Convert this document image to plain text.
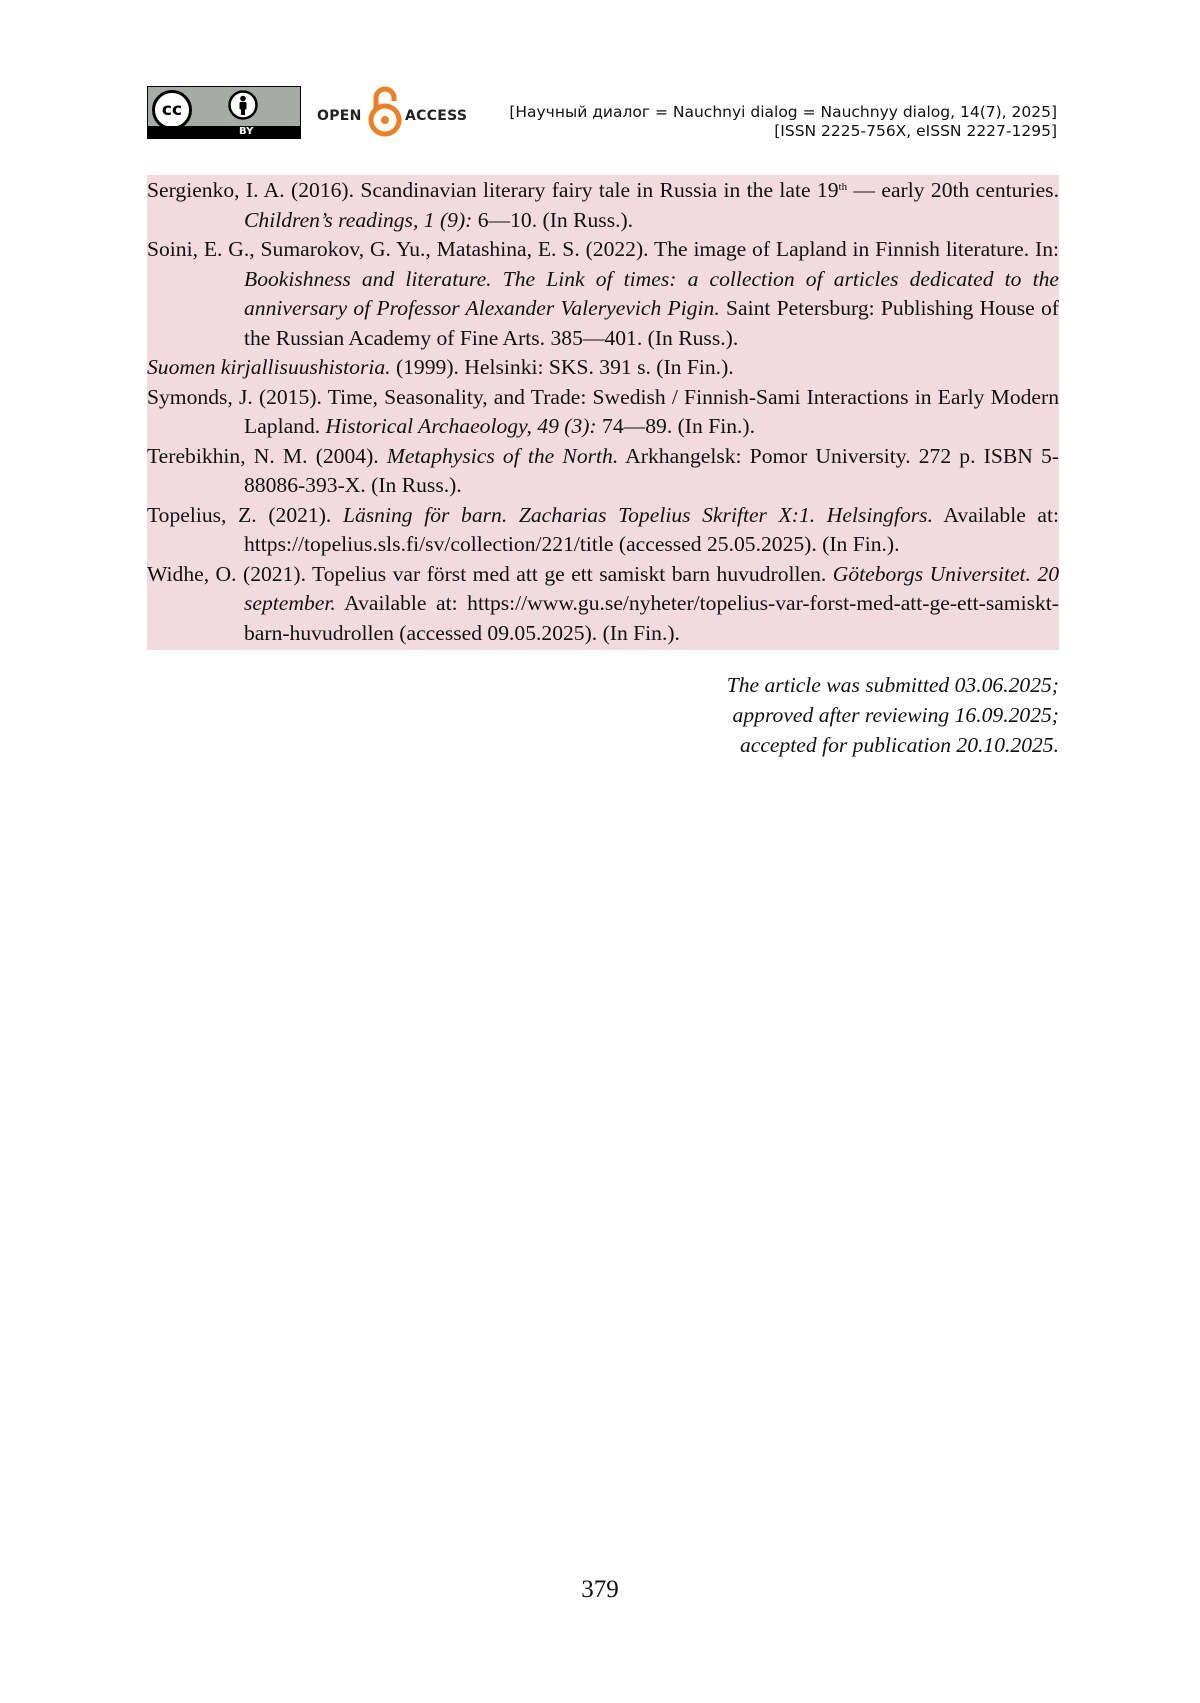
cc
BY
OPEN	ACCESS	[Научный диалог = Nauchnyi dialog = Nauchnyy dialog, 14(7), 2025]
[ISSN 2225-756X, eISSN 2227-1295]
Sergienko, I. A. (2016). Scandinavian literary fairy tale in Russia in the late 19th — early 20th centuries. Children’s readings, 1 (9): 6—10. (In Russ.).
Soini, E. G., Sumarokov, G. Yu., Matashina, E. S. (2022). The image of Lapland in Finnish literature. In: Bookishness and literature. The Link of times: a collection of articles dedicated to the anniversary of Professor Alexander Valeryevich Pigin. Saint Petersburg: Publishing House of the Russian Academy of Fine Arts. 385—401. (In Russ.).
Suomen kirjallisuushistoria. (1999). Helsinki: SKS. 391 s. (In Fin.).
Symonds, J. (2015). Time, Seasonality, and Trade: Swedish / Finnish-Sami Interactions in Early Modern Lapland. Historical Archaeology, 49 (3): 74—89. (In Fin.).
Terebikhin, N. M. (2004). Metaphysics of the North. Arkhangelsk: Pomor University. 272 p. ISBN 5-88086-393-X. (In Russ.).
Topelius, Z. (2021). Läsning för barn. Zacharias Topelius Skrifter X:1. Helsingfors. Available at: https://topelius.sls.fi/sv/collection/221/title (accessed 25.05.2025). (In Fin.).
Widhe, O. (2021). Topelius var först med att ge ett samiskt barn huvudrollen. Göteborgs Universitet. 20 september. Available at: https://www.gu.se/nyheter/topelius-var-forst-med-att-ge-ett-samiskt-barn-huvudrollen (accessed 09.05.2025). (In Fin.).
The article was submitted 03.06.2025;
approved after reviewing 16.09.2025;
accepted for publication 20.10.2025.
379
